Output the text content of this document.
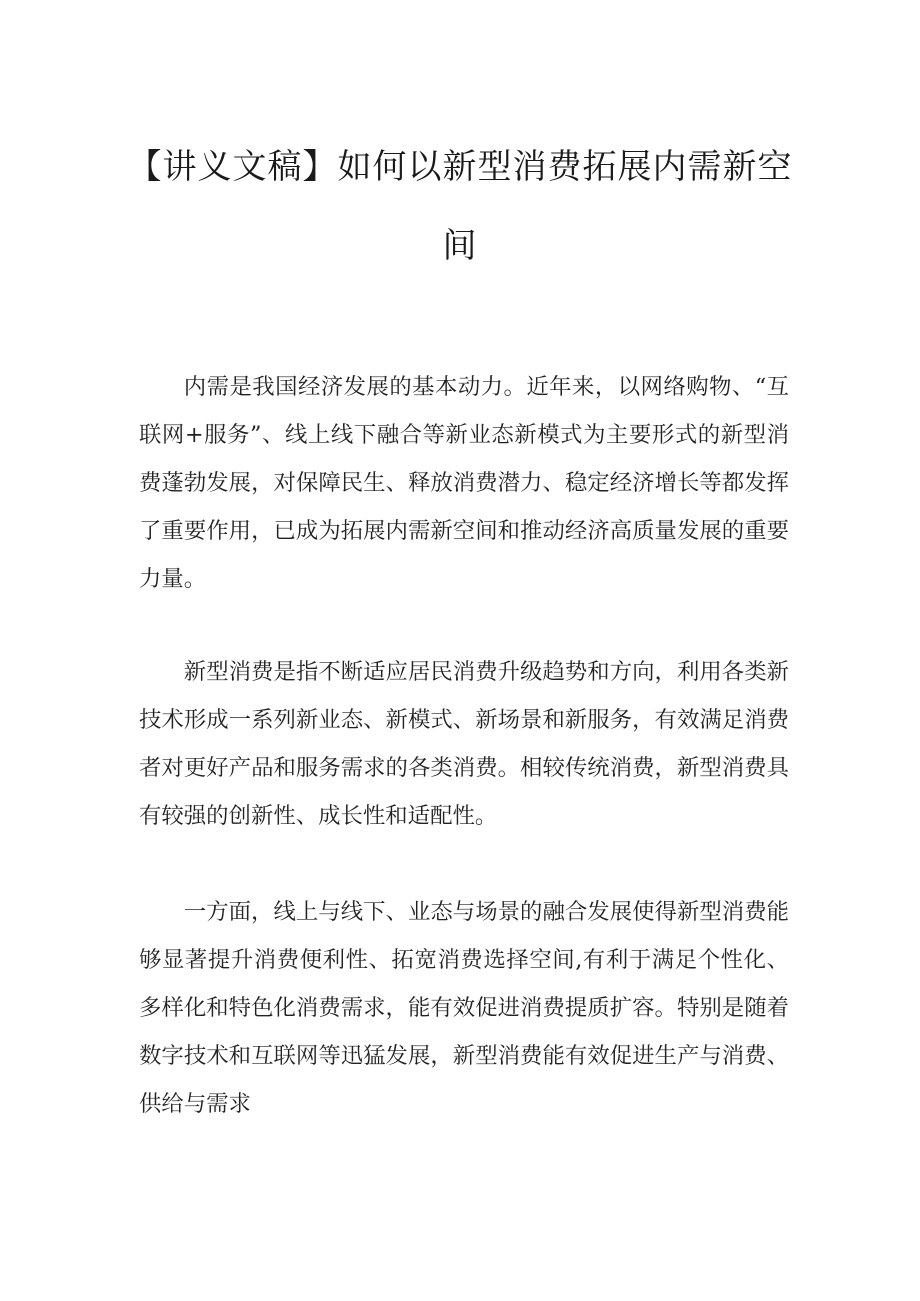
【讲义文稿】如何以新型消费拓展内需新空间

内需是我国经济发展的基本动力。近年来，以网络购物、“互联网+服务”、线上线下融合等新业态新模式为主要形式的新型消费蓬勃发展，对保障民生、释放消费潜力、稳定经济增长等都发挥了重要作用，已成为拓展内需新空间和推动经济高质量发展的重要力量。

新型消费是指不断适应居民消费升级趋势和方向，利用各类新技术形成一系列新业态、新模式、新场景和新服务，有效满足消费者对更好产品和服务需求的各类消费。相较传统消费，新型消费具有较强的创新性、成长性和适配性。

一方面，线上与线下、业态与场景的融合发展使得新型消费能够显著提升消费便利性、拓宽消费选择空间,有利于满足个性化、多样化和特色化消费需求，能有效促进消费提质扩容。特别是随着数字技术和互联网等迅猛发展，新型消费能有效促进生产与消费、供给与需求
